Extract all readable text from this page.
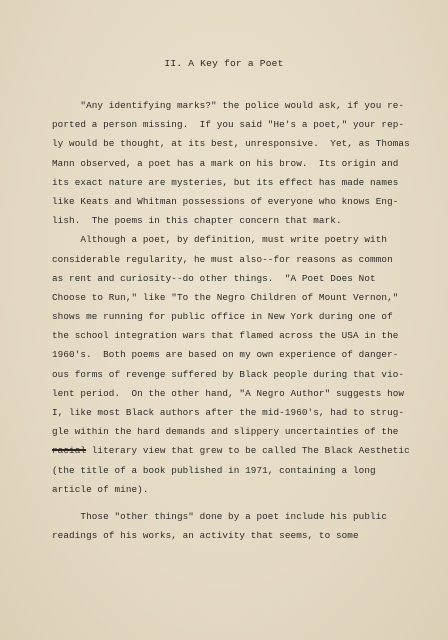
II. A Key for a Poet
"Any identifying marks?" the police would ask, if you re-
ported a person missing.  If you said "He's a poet," your rep-
ly would be thought, at its best, unresponsive.  Yet, as Thomas
Mann observed, a poet has a mark on his brow.  Its origin and
its exact nature are mysteries, but its effect has made names
like Keats and Whitman possessions of everyone who knows Eng-
lish.  The poems in this chapter concern that mark.
Although a poet, by definition, must write poetry with
considerable regularity, he must also--for reasons as common
as rent and curiosity--do other things.  "A Poet Does Not
Choose to Run," like "To the Negro Children of Mount Vernon,"
shows me running for public office in New York during one of
the school integration wars that flamed across the USA in the
1960's.  Both poems are based on my own experience of danger-
ous forms of revenge suffered by Black people during that vio-
lent period.  On the other hand, "A Negro Author" suggests how
I, like most Black authors after the mid-1960's, had to strug-
gle within the hard demands and slippery uncertainties of the
racial literary view that grew to be called The Black Aesthetic
(the title of a book published in 1971, containing a long
article of mine).
Those "other things" done by a poet include his public
readings of his works, an activity that seems, to some
